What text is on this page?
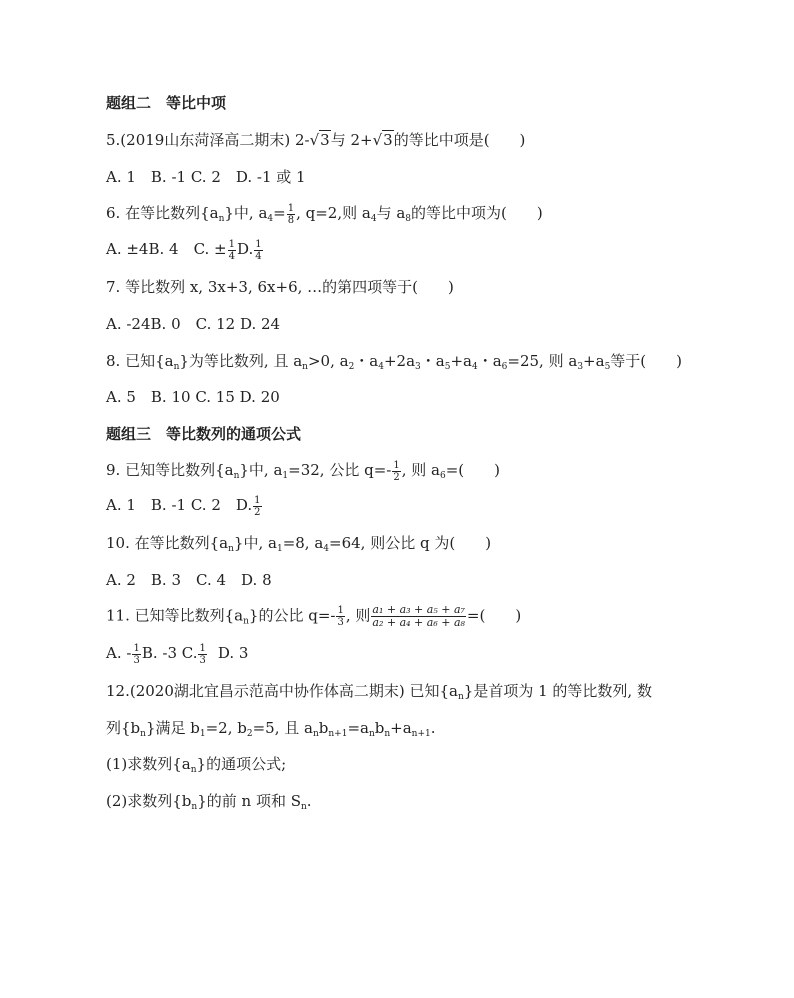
题组二　等比中项
5.(2019山东菏泽高二期末) 2-√3与 2+√3的等比中项是(　　)
A. 1　B. -1 C. 2　D. -1 或 1
6. 在等比数列$\{a_n\}$中, $a_4= \frac{1}{8}$ , q=2,则 $a_4$与 $a_8$的等比中项为(　　)
A. ±4B. 4　C. ± $\frac{1}{4} D$. $\frac{1}{4}$
7. 等比数列 x, 3x+3, 6x+6, …的第四项等于(　　)
A. -24B. 0　C. 12 D. 24
8. 已知$\{a_n\}$为等比数列, 且 $a_n>0$, $a_2$・$a_4+2a_3$・$a_5+a_4$・$a_6=25$, 则 $a_3+a_5$等于(　　)
A. 5　B. 10 C. 15 D. 20
题组三　等比数列的通项公式
9. 已知等比数列$\{a_n\}$中, $a_1=32$, 公比 $q=- \frac{1}{2}$ , 则 $a_6=$(　　)
A. 1　B. -1 C. 2　D. $\frac{1}{2}$
10. 在等比数列$\{a_n\}$中, $a_1=8$, $a_4=64$, 则公比 q 为(　　)
A. 2　B. 3　C. 4　D. 8
11. 已知等比数列$\{a_n\}$的公比 $q=- \frac{1}{3}$ , 则 $\frac{\text{a₁ + a₃ + a₅ + a₇}}{\text{a₂ + a₄ + a₆ + a₈}}$ =(　　)
A. - $\frac{1}{3} B$. -3 C. $\frac{1}{3} D$. 3
12.(2020湖北宜昌示范高中协作体高二期末) 已知$\{a_n\}$是首项为 1 的等比数列, 数
列$\{b_n\}$满足 $b_1=2$, $b_2=5$, 且 $a_nb_{n+1}=a_nb_n+a_{n+1}$.
(1)求数列$\{a_n\}$的通项公式;
(2)求数列$\{b_n\}$的前 n 项和 $S_n$.
